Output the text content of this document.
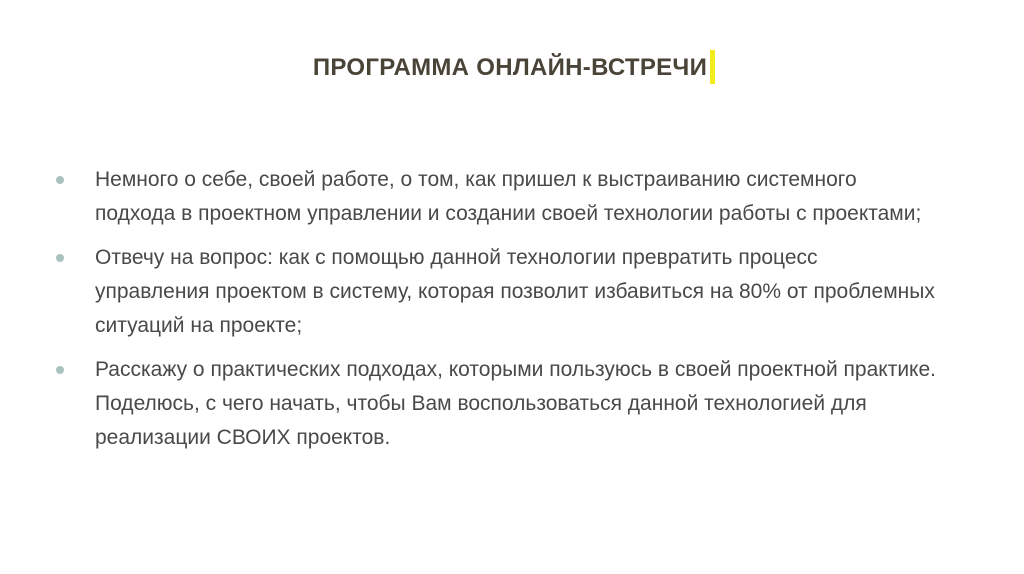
ПРОГРАММА ОНЛАЙН-ВСТРЕЧИ
Немного о себе, своей работе, о том, как пришел к выстраиванию системного подхода в проектном управлении и создании своей технологии работы с проектами;
Отвечу на вопрос: как с помощью данной технологии превратить процесс управления проектом в систему, которая позволит избавиться на 80% от проблемных ситуаций на проекте;
Расскажу о практических подходах, которыми пользуюсь в своей проектной практике. Поделюсь, с чего начать, чтобы Вам воспользоваться данной технологией для реализации СВОИХ проектов.
